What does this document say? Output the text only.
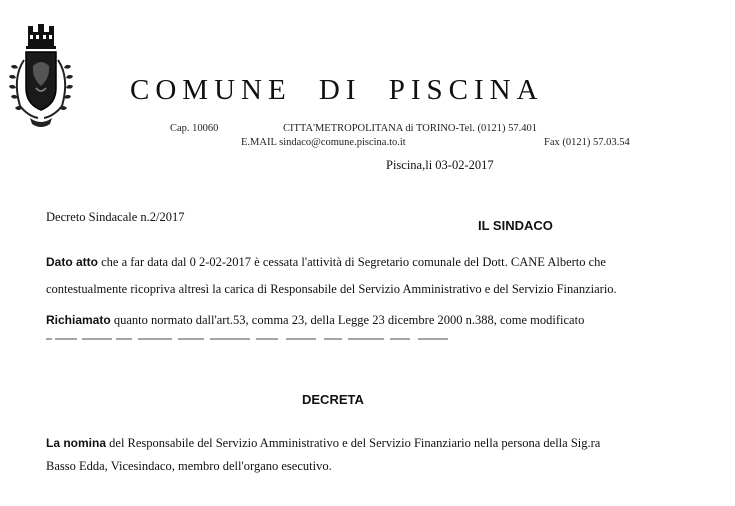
COMUNE DI PISCINA
Cap. 10060	CITTA'METROPOLITANA di TORINO-Tel. (0121) 57.401
E.MAIL sindaco@comune.piscina.to.it	Fax (0121) 57.03.54
Piscina,li 03-02-2017
Decreto Sindacale n.2/2017
IL SINDACO
Dato atto che a far data dal 0 2-02-2017 è cessata l'attività di Segretario comunale del Dott. CANE Alberto che
contestualmente ricopriva altresì la carica di Responsabile del Servizio Amministrativo e del Servizio Finanziario.
Richiamato quanto normato dall'art.53, comma 23, della Legge 23 dicembre 2000 n.388, come modificato
DECRETA
La nomina del Responsabile del Servizio Amministrativo e del Servizio Finanziario nella persona della Sig.ra
Basso Edda, Vicesindaco, membro dell'organo esecutivo.
